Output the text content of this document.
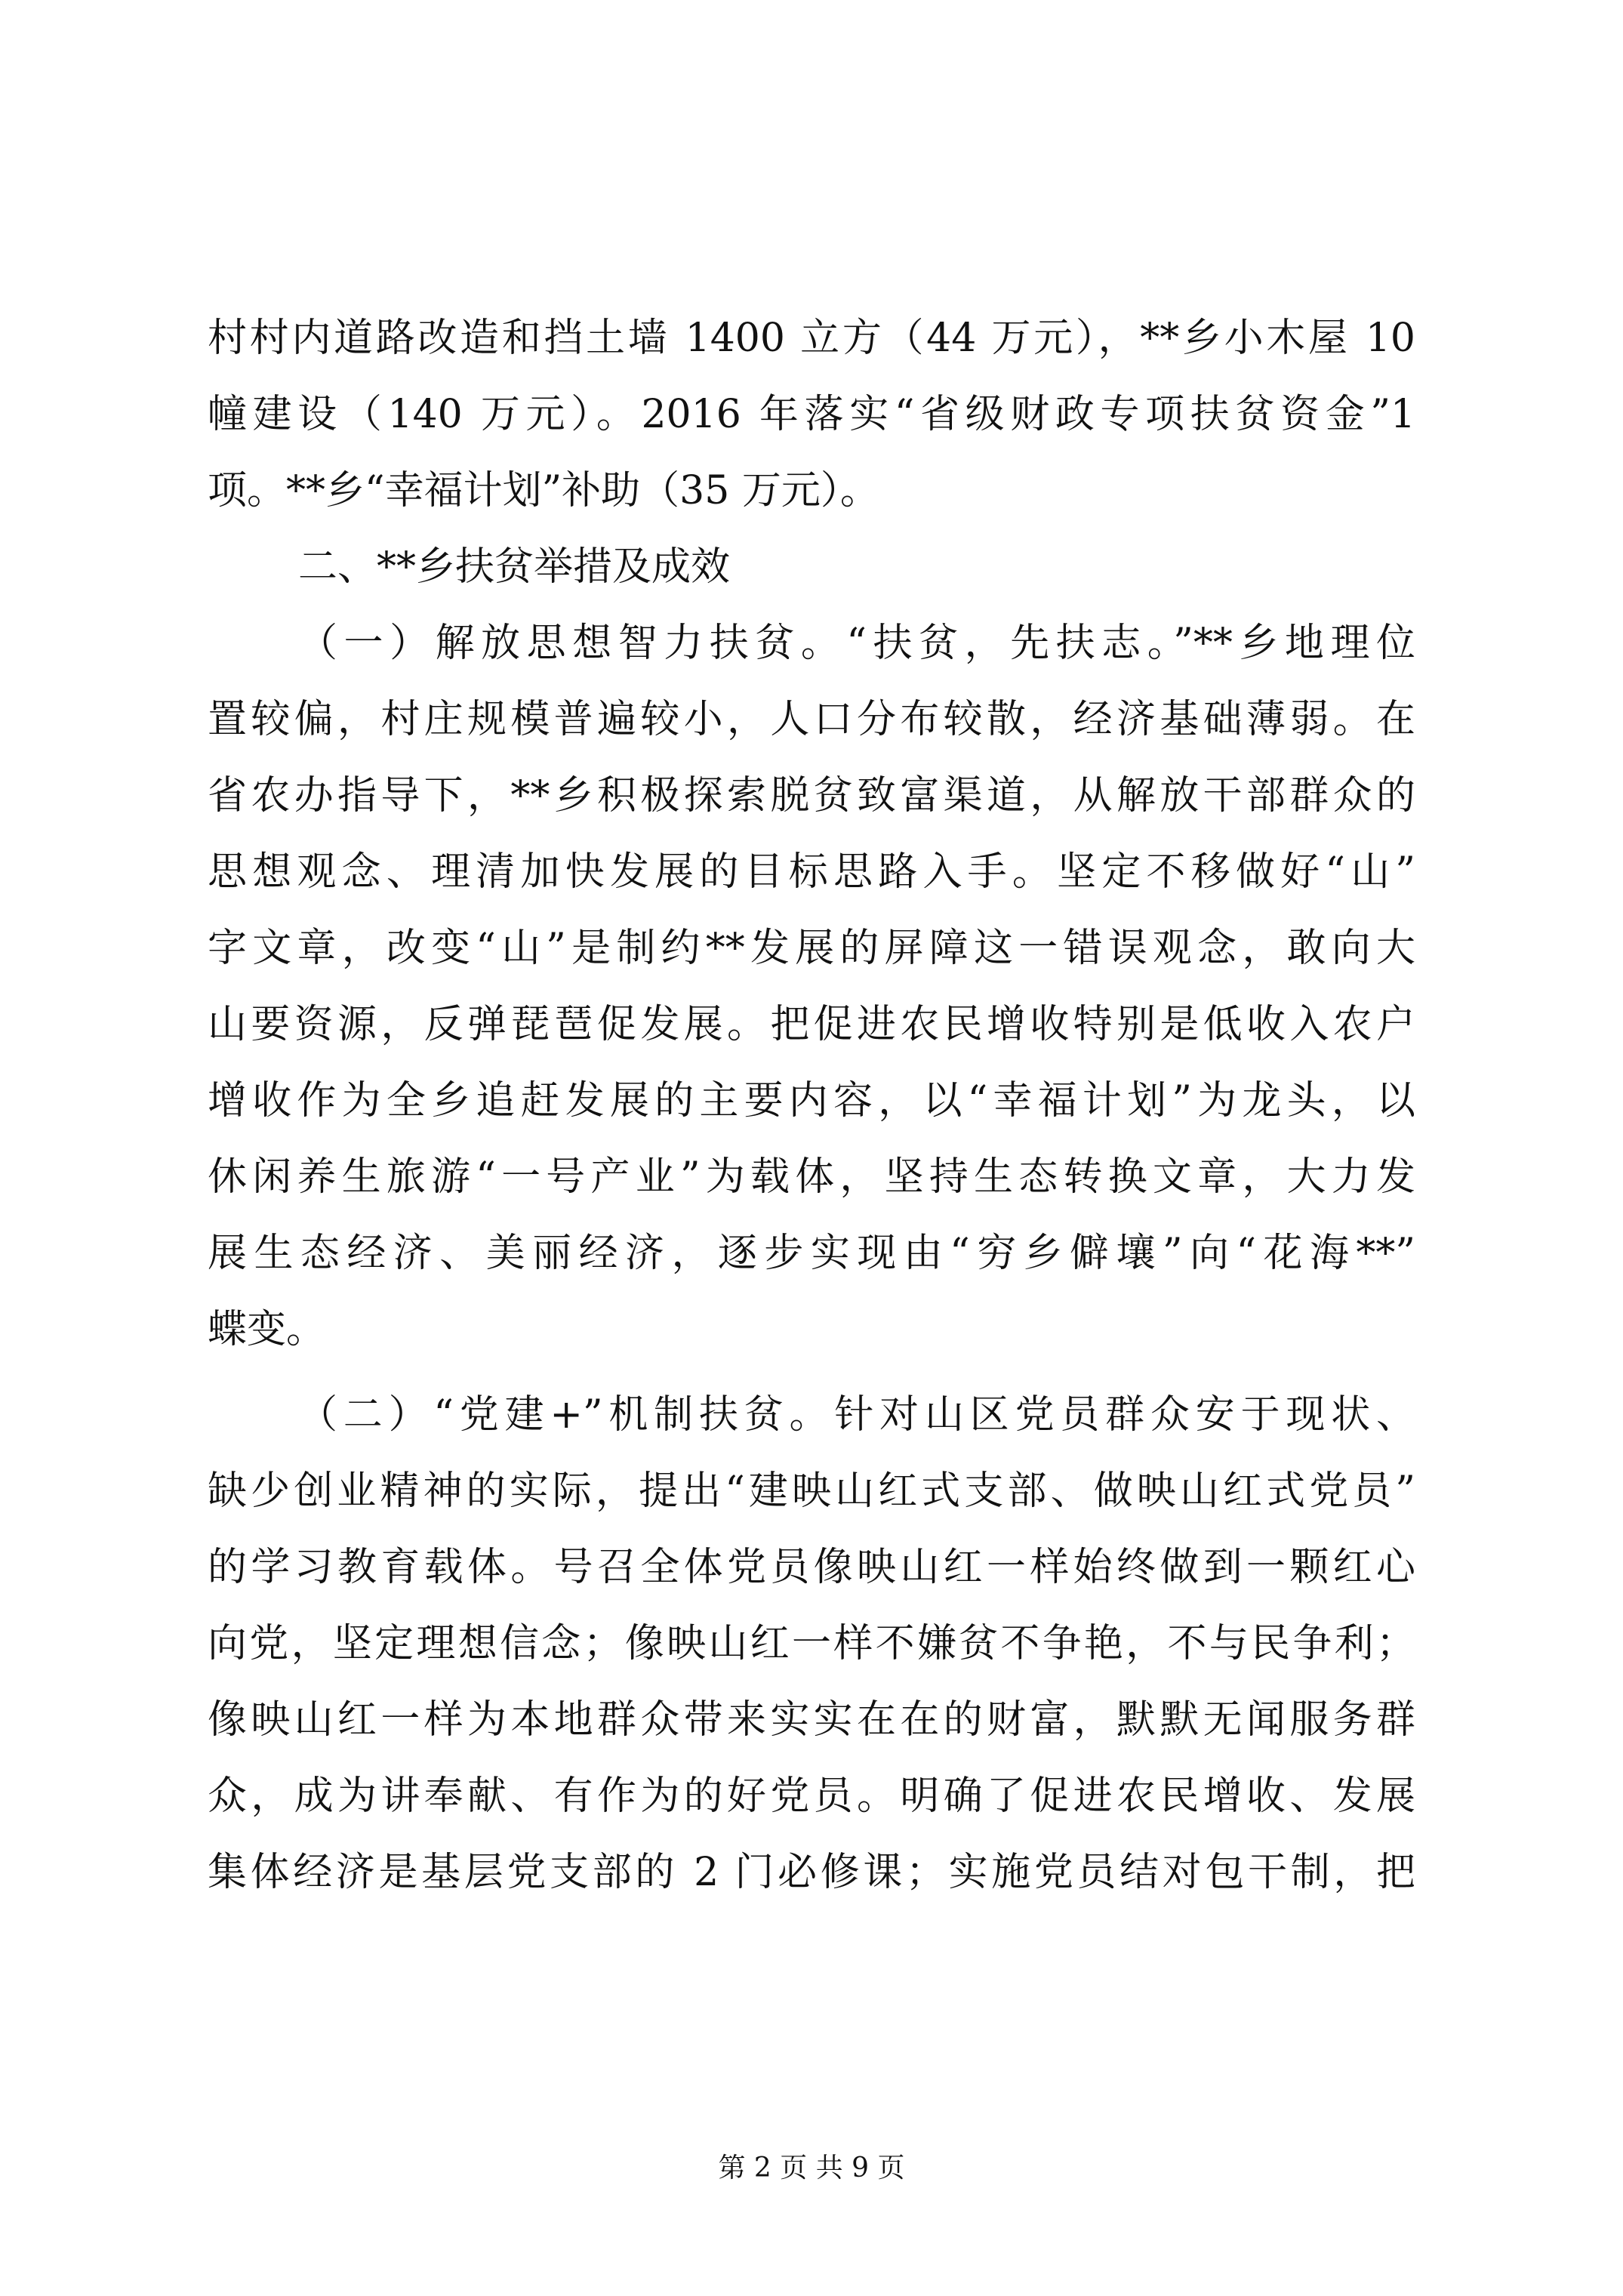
村村内道路改造和挡土墙 1400 立方（44 万元），**乡小木屋 10
幢建设（140 万元）。2016 年落实“省级财政专项扶贫资金”1
项。**乡“幸福计划”补助（35 万元）。
二、**乡扶贫举措及成效
（一）解放思想智力扶贫。“扶贫，先扶志。”**乡地理位
置较偏，村庄规模普遍较小，人口分布较散，经济基础薄弱。在
省农办指导下，**乡积极探索脱贫致富渠道，从解放干部群众的
思想观念、理清加快发展的目标思路入手。坚定不移做好“山”
字文章，改变“山”是制约**发展的屏障这一错误观念，敢向大
山要资源，反弹琵琶促发展。把促进农民增收特别是低收入农户
增收作为全乡追赶发展的主要内容，以“幸福计划”为龙头，以
休闲养生旅游“一号产业”为载体，坚持生态转换文章，大力发
展生态经济、美丽经济，逐步实现由“穷乡僻壤”向“花海**”
蝶变。
（二）“党建+”机制扶贫。针对山区党员群众安于现状、
缺少创业精神的实际，提出“建映山红式支部、做映山红式党员”
的学习教育载体。号召全体党员像映山红一样始终做到一颗红心
向党，坚定理想信念；像映山红一样不嫌贫不争艳，不与民争利；
像映山红一样为本地群众带来实实在在的财富，默默无闻服务群
众，成为讲奉献、有作为的好党员。明确了促进农民增收、发展
集体经济是基层党支部的 2 门必修课；实施党员结对包干制，把
第 2 页 共 9 页
